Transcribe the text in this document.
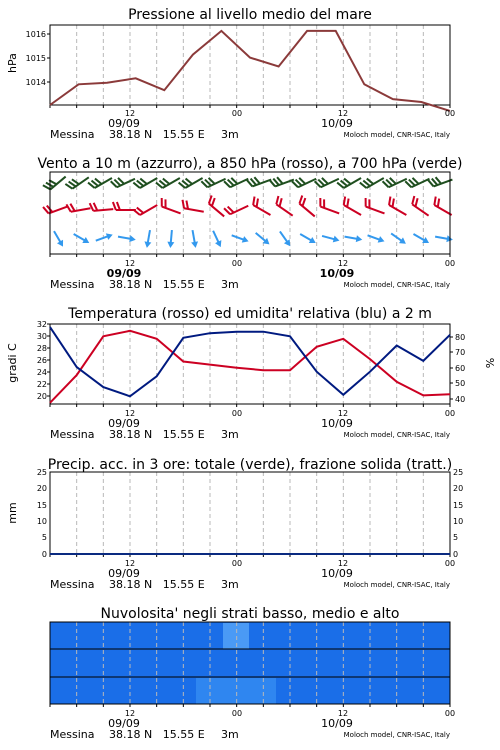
Pressione al livello medio del mare
hPa
1016
1015
1014
12	00	12	00
09/09	10/09
Messina 38.18 N   15.55 E 3m	Moloch model, CNR-ISAC, Italy
Vento a 10 m (azzurro), a 850 hPa (rosso), a 700 hPa (verde)
12	00	12	00
09/09	10/09
Messina 38.18 N   15.55 E 3m	Moloch model, CNR-ISAC, Italy
Temperatura (rosso) ed umidita' relativa (blu) a 2 m
gradi C	%
32
30
28
26
24
22
20
80
70
60
50
40
12	00	12	00
09/09	10/09
Messina 38.18 N   15.55 E 3m	Moloch model, CNR-ISAC, Italy
Precip. acc. in 3 ore: totale (verde), frazione solida (tratt.)
mm
25
20
15
10
5
0
25
20
15
10
5
0
12	00	12	00
09/09	10/09
Messina 38.18 N   15.55 E 3m	Moloch model, CNR-ISAC, Italy
Nuvolosita' negli strati basso, medio e alto
12	00	12	00
09/09	10/09
Messina 38.18 N   15.55 E 3m	Moloch model, CNR-ISAC, Italy
